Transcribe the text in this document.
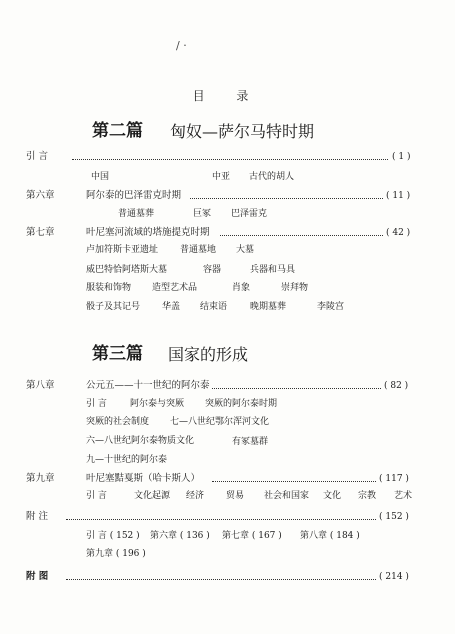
/ ·
目 录
第二篇 匈奴—萨尔马特时期
引 言	( 1 )
中国	中亚 古代的胡人
第六章	阿尔泰的巴泽雷克时期	( 11 )
普通墓葬	巨冢 巴泽雷克
第七章	叶尼塞河流域的塔施提克时期	( 42 )
卢加符斯卡亚遗址 普通墓地 大墓
威巴特恰阿塔斯大墓	容器	兵器和马具
服装和饰物 造型艺术品	肖象	崇拜物
骰子及其记号 华盖 结束语	晚期墓葬	李陵宫
第三篇 国家的形成
第八章	公元五——十一世纪的阿尔泰	( 82 )
引 言	阿尔泰与突厥 突厥的阿尔泰时期
突厥的社会制度 七—八世纪鄂尔浑河文化
六—八世纪阿尔泰物质文化	有冢墓群
九—十世纪的阿尔泰
第九章	叶尼塞黠戛斯（哈卡斯人）	( 117 )
引 言	文化起源 经济 贸易 社会和国家 文化 宗教 艺术
附 注	( 152 )
引 言 ( 152 ) 第六章 ( 136 ) 第七章 ( 167 ) 第八章 ( 184 )
第九章 ( 196 )
附 图	( 214 )
